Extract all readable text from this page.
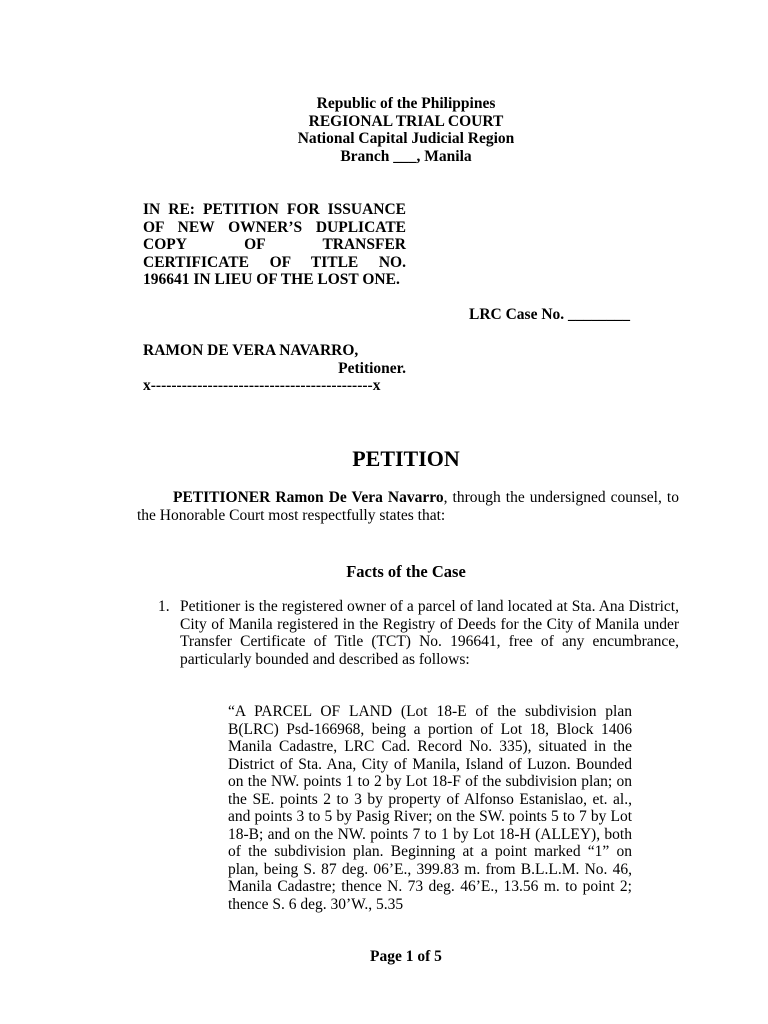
Republic of the Philippines
REGIONAL TRIAL COURT
National Capital Judicial Region
Branch ___, Manila
IN RE: PETITION FOR ISSUANCE OF NEW OWNER’S DUPLICATE COPY OF TRANSFER CERTIFICATE OF TITLE NO. 196641 IN LIEU OF THE LOST ONE.
LRC Case No. ________
RAMON DE VERA NAVARRO,
Petitioner.
x-------------------------------------------x
PETITION
PETITIONER Ramon De Vera Navarro, through the undersigned counsel, to the Honorable Court most respectfully states that:
Facts of the Case
1. Petitioner is the registered owner of a parcel of land located at Sta. Ana District, City of Manila registered in the Registry of Deeds for the City of Manila under Transfer Certificate of Title (TCT) No. 196641, free of any encumbrance, particularly bounded and described as follows:
“A PARCEL OF LAND (Lot 18-E of the subdivision plan B(LRC) Psd-166968, being a portion of Lot 18, Block 1406 Manila Cadastre, LRC Cad. Record No. 335), situated in the District of Sta. Ana, City of Manila, Island of Luzon. Bounded on the NW. points 1 to 2 by Lot 18-F of the subdivision plan; on the SE. points 2 to 3 by property of Alfonso Estanislao, et. al., and points 3 to 5 by Pasig River; on the SW. points 5 to 7 by Lot 18-B; and on the NW. points 7 to 1 by Lot 18-H (ALLEY), both of the subdivision plan. Beginning at a point marked “1” on plan, being S. 87 deg. 06’E., 399.83 m. from B.L.L.M. No. 46, Manila Cadastre; thence N. 73 deg. 46’E., 13.56 m. to point 2; thence S. 6 deg. 30’W., 5.35
Page 1 of 5
